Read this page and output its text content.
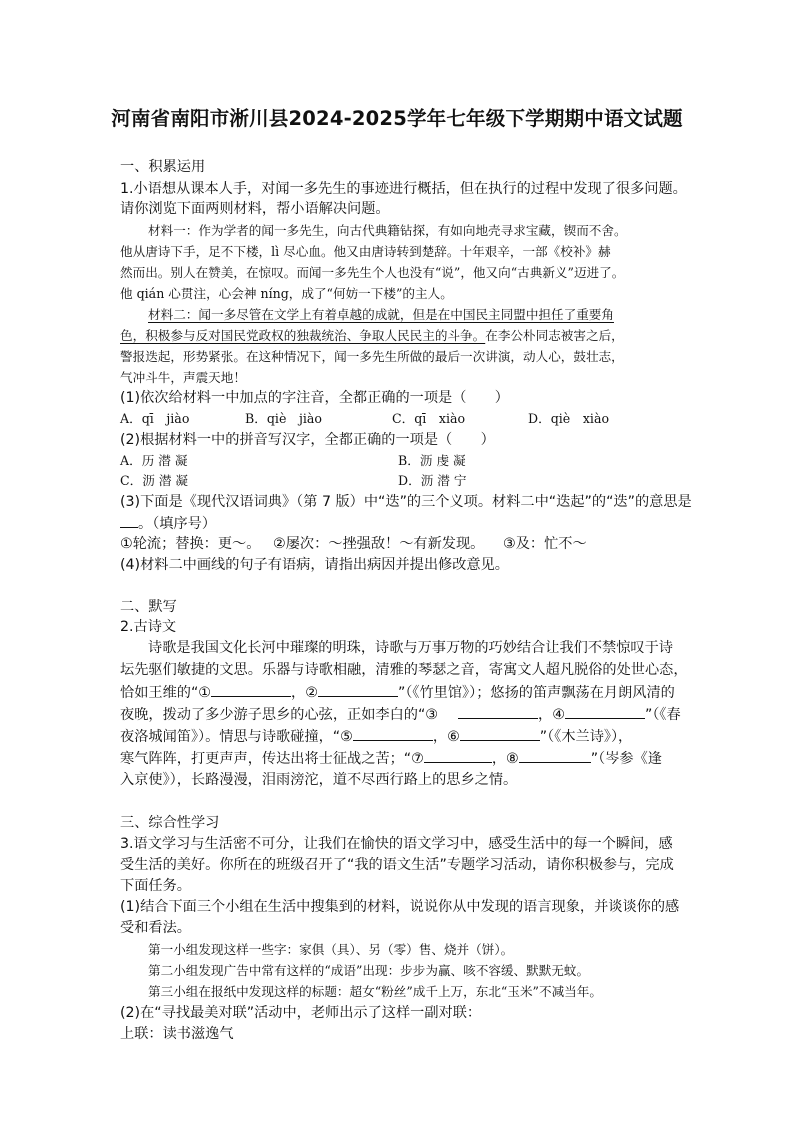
河南省南阳市淅川县2024-2025学年七年级下学期期中语文试题
一、积累运用
1.小语想从课本人手，对闻一多先生的事迹进行概括，但在执行的过程中发现了很多问题。
请你浏览下面两则材料，帮小语解决问题。
材料一：作为学者的闻一多先生，向古代典籍钻探，有如向地壳寻求宝藏，锲而不舍。
他从唐诗下手，足不下楼，lì 尽心血。他又由唐诗转到楚辞。十年艰辛，一部《校补》赫
然而出。别人在赞美，在惊叹。而闻一多先生个人也没有“说”，他又向“古典新义”迈进了。
他 qián 心贯注，心会神 níng，成了“何妨一下楼”的主人。
材料二：闻一多尽管在文学上有着卓越的成就，但是在中国民主同盟中担任了重要角
色，积极参与反对国民党政权的独裁统治、争取人民民主的斗争。在李公朴同志被害之后，
警报迭起，形势紧张。在这种情况下，闻一多先生所做的最后一次讲演，动人心，鼓壮志，
气冲斗牛，声震天地！
(1)依次给材料一中加点的字注音，全都正确的一项是（　　）
A．qī　jiào	B．qiè　jiào	C．qī　xiào	D．qiè　xiào
(2)根据材料一中的拼音写汉字，全都正确的一项是（　　）
A．历 潜 凝	B．沥 虔 凝
C．沥 潜 凝	D．沥 潜 宁
(3)下面是《现代汉语词典》（第 7 版）中“迭”的三个义项。材料二中“迭起”的“迭”的意思是
。（填序号）
①轮流；替换：更～。 ②屡次：～挫强敌！～有新发现。 ③及：忙不～
(4)材料二中画线的句子有语病，请指出病因并提出修改意见。
二、默写
2.古诗文
诗歌是我国文化长河中璀璨的明珠，诗歌与万事万物的巧妙结合让我们不禁惊叹于诗
坛先驱们敏捷的文思。乐器与诗歌相融，清雅的琴瑟之音，寄寓文人超凡脱俗的处世心态，
恰如王维的“①	，②	”（《竹里馆》）；悠扬的笛声飘荡在月朗风清的
夜晚，拨动了多少游子思乡的心弦，正如李白的“③	，④	”（《春
夜洛城闻笛》）。情思与诗歌碰撞，“⑤	，⑥	”（《木兰诗》），
寒气阵阵，打更声声，传达出将士征战之苦；“⑦	，⑧	”（岑参《逢
入京使》），长路漫漫，泪雨滂沱，道不尽西行路上的思乡之情。
三、综合性学习
3.语文学习与生活密不可分，让我们在愉快的语文学习中，感受生活中的每一个瞬间，感
受生活的美好。你所在的班级召开了“我的语文生活”专题学习活动，请你积极参与，完成
下面任务。
(1)结合下面三个小组在生活中搜集到的材料，说说你从中发现的语言现象，并谈谈你的感
受和看法。
第一小组发现这样一些字：家俱（具）、另（零）售、烧并（饼）。
第二小组发现广告中常有这样的“成语”出现：步步为赢、咳不容缓、默默无蚊。
第三小组在报纸中发现这样的标题：超女“粉丝”成千上万，东北“玉米”不减当年。
(2)在“寻找最美对联”活动中，老师出示了这样一副对联：
上联：读书滋逸气
